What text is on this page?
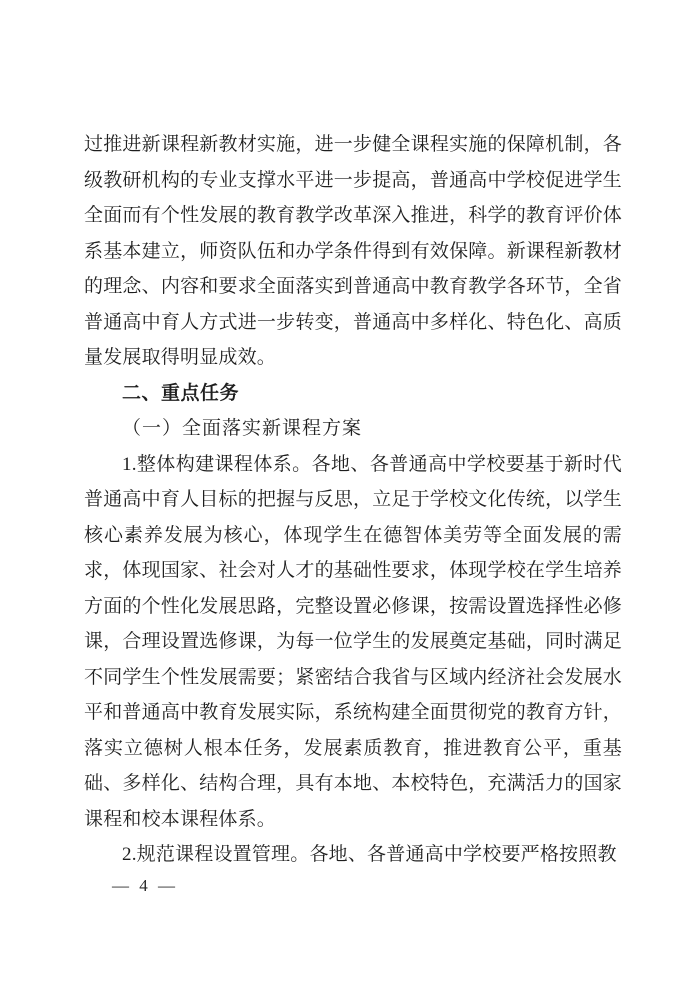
过推进新课程新教材实施，进一步健全课程实施的保障机制，各级教研机构的专业支撑水平进一步提高，普通高中学校促进学生全面而有个性发展的教育教学改革深入推进，科学的教育评价体系基本建立，师资队伍和办学条件得到有效保障。新课程新教材的理念、内容和要求全面落实到普通高中教育教学各环节，全省普通高中育人方式进一步转变，普通高中多样化、特色化、高质量发展取得明显成效。

二、重点任务

（一）全面落实新课程方案

1.整体构建课程体系。各地、各普通高中学校要基于新时代普通高中育人目标的把握与反思，立足于学校文化传统，以学生核心素养发展为核心，体现学生在德智体美劳等全面发展的需求，体现国家、社会对人才的基础性要求，体现学校在学生培养方面的个性化发展思路，完整设置必修课，按需设置选择性必修课，合理设置选修课，为每一位学生的发展奠定基础，同时满足不同学生个性发展需要；紧密结合我省与区域内经济社会发展水平和普通高中教育发展实际，系统构建全面贯彻党的教育方针，落实立德树人根本任务，发展素质教育，推进教育公平，重基础、多样化、结构合理，具有本地、本校特色，充满活力的国家课程和校本课程体系。

2.规范课程设置管理。各地、各普通高中学校要严格按照教

— 4 —
